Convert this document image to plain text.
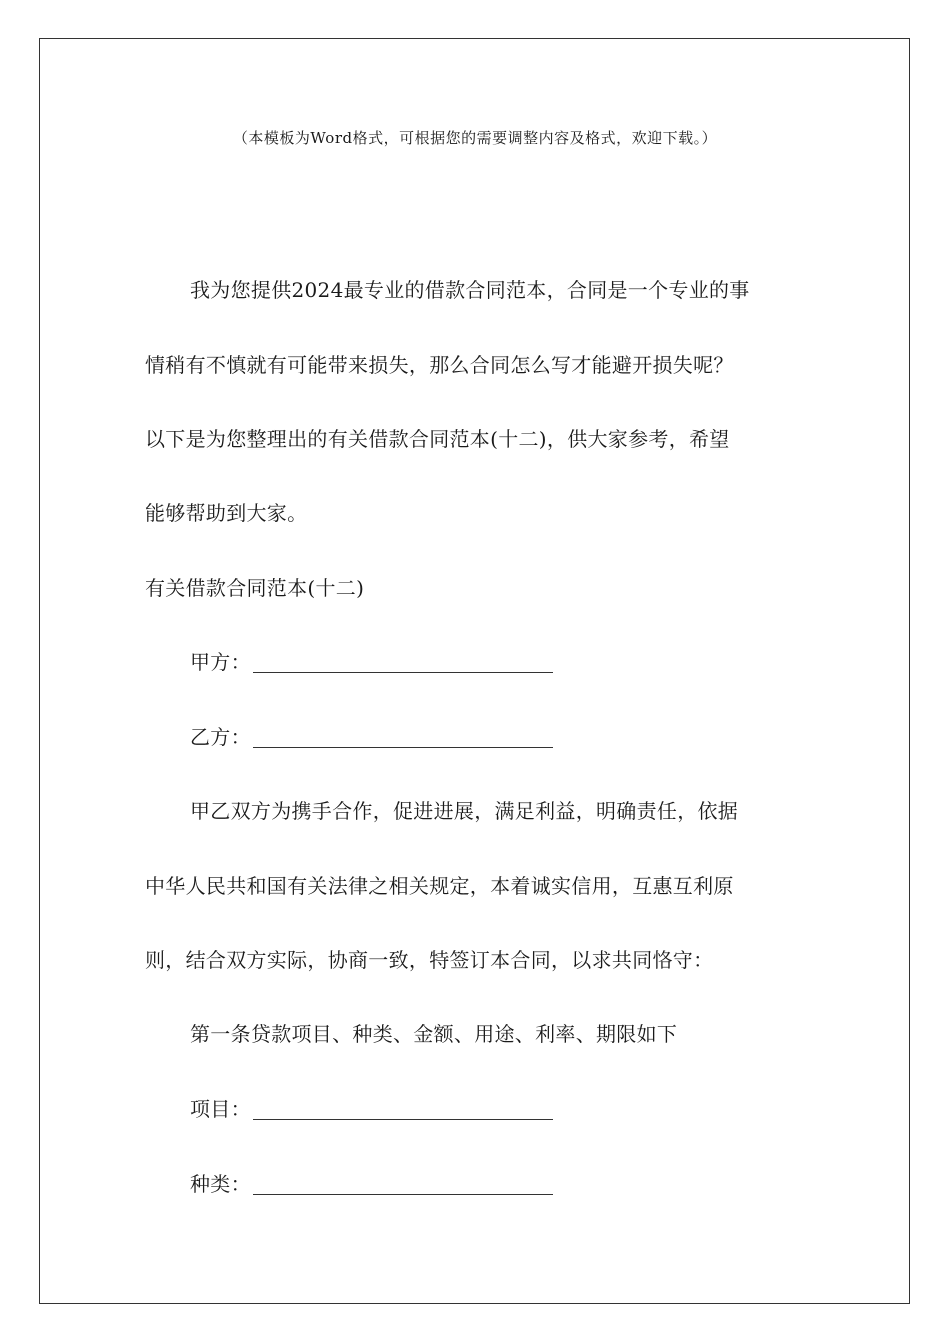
（本模板为Word格式，可根据您的需要调整内容及格式，欢迎下载。）
我为您提供2024最专业的借款合同范本，合同是一个专业的事
情稍有不慎就有可能带来损失，那么合同怎么写才能避开损失呢？
以下是为您整理出的有关借款合同范本(十二)，供大家参考，希望
能够帮助到大家。
有关借款合同范本(十二)
甲方：
乙方：
甲乙双方为携手合作，促进进展，满足利益，明确责任，依据
中华人民共和国有关法律之相关规定，本着诚实信用，互惠互利原
则，结合双方实际，协商一致，特签订本合同，以求共同恪守：
第一条贷款项目、种类、金额、用途、利率、期限如下
项目：
种类：
